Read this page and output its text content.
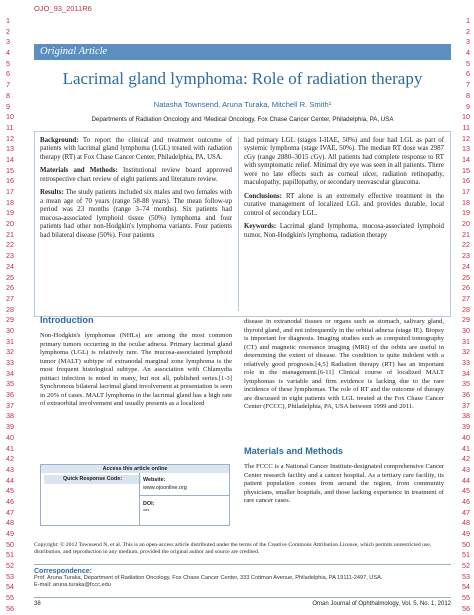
OJO_93_2011R6
1
2
3
4
5
6
7
8
9
10
11
12
13
14
15
16
17
18
19
20
21
22
23
24
25
26
27
28
29
30
31
32
33
34
35
36
37
38
39
40
41
42
43
44
45
46
47
48
49
50
51
52
53
54
55
56
1
2
3
4
5
6
7
8
9
10
11
12
13
14
15
16
17
18
19
20
21
22
23
24
25
26
27
28
29
30
31
32
33
34
35
36
37
38
39
40
41
42
43
44
45
46
47
48
49
50
51
52
53
54
55
56
Original Article
Lacrimal gland lymphoma: Role of radiation therapy
Natasha Townsend, Aruna Turaka, Mitchell R. Smith¹
Departments of Radiation Oncology and ¹Medical Oncology, Fox Chase Cancer Center, Philadelphia, PA, USA

Background: To report the clinical and treatment outcome of patients with lacrimal gland lymphoma (LGL) treated with radiation therapy (RT) at Fox Chase Cancer Center, Philadelphia, PA, USA.

Materials and Methods: Institutional review board approved retrospective chart review of eight patients and literature review.

Results: The study patients included six males and two females with a mean age of 70 years (range 58-88 years). The mean follow-up period was 23 months (range 3–74 months). Six patients had mucosa-associated lymphoid tissue (50%) lymphoma and four patients had other non-Hodgkin's lymphoma variants. Four patients had bilateral disease (50%). Four patients

had primary LGL (stages I-IIAE, 50%) and four had LGL as part of systemic lymphoma (stage IVAE, 50%). The median RT dose was 2987 cGy (range 2880–3015 cGy). All patients had complete response to RT with symptomatic relief. Minimal dry eye was seen in all patients. There were no late effects such as corneal ulcer, radiation retinopathy, maculopathy, papillopathy, or secondary neovascular glaucoma.

Conclusions: RT alone is an extremely effective treatment in the curative management of localized LGL and provides durable, local control of secondary LGL.

Keywords: Lacrimal gland lymphoma, mucosa-associated lymphoid tumor, Non-Hodgkin's lymphoma, radiation therapy

Introduction
Non-Hodgkin's lymphomas (NHLs) are among the most common primary tumors occurring in the ocular adnexa. Primary lacrimal gland lymphoma (LGL) is relatively rare. The mucosa-associated lymphoid tumor (MALT) subtype of extranodal marginal zone lymphoma is the most frequent histological subtype. An association with Chlamydia psittaci infection is noted in many, but not all, published series.[1-3] Synchronous bilateral lacrimal gland involvement at presentation is seen in 20% of cases. MALT lymphoma in the lacrimal gland has a high rate of extraorbital involvement and usually presents as a localized
disease in extranodal tissues or organs such as stomach, salivary gland, thyroid gland, and not infrequently in the orbital adnexa (stage IE). Biopsy is important for diagnosis. Imaging studies such as computed tomography (CT) and magnetic resonance imaging (MRI) of the orbits are useful in determining the extent of disease. The condition is quite indolent with a relatively good prognosis.[4,5] Radiation therapy (RT) has an important role in the management.[6-11] Clinical course of localized MALT lymphomas is variable and firm evidence is lacking due to the rare incidence of these lymphomas. The role of RT and the outcome of therapy are discussed in eight patients with LGL treated at the Fox Chase Cancer Center (FCCC), Philadelphia, PA, USA between 1999 and 2011.
Materials and Methods
The FCCC is a National Cancer Institute-designated comprehensive Cancer Center research facility and a cancer hospital. As a tertiary care facility, its patient population comes from around the region, from community physicians, smaller hospitals, and those lacking experience in treatment of rare cancer cases.
Access this article online
Quick Response Code:	Website:
www.ojoonline.org
DOI:
***
Copyright: © 2012 Townsend N, et al. This is an open-access article distributed under the terms of the Creative Commons Attribution License, which permits unrestricted use, distribution, and reproduction in any medium, provided the original author and source are credited.
Correspondence:
Prof. Aruna Turaka, Department of Radiation Oncology, Fox Chase Cancer Center, 333 Cottman Avenue, Philadelphia, PA 19111-2497, USA.
E-mail: aruna.turaka@fccc.edu
38	Oman Journal of Ophthalmology, Vol. 5, No. 1, 2012
